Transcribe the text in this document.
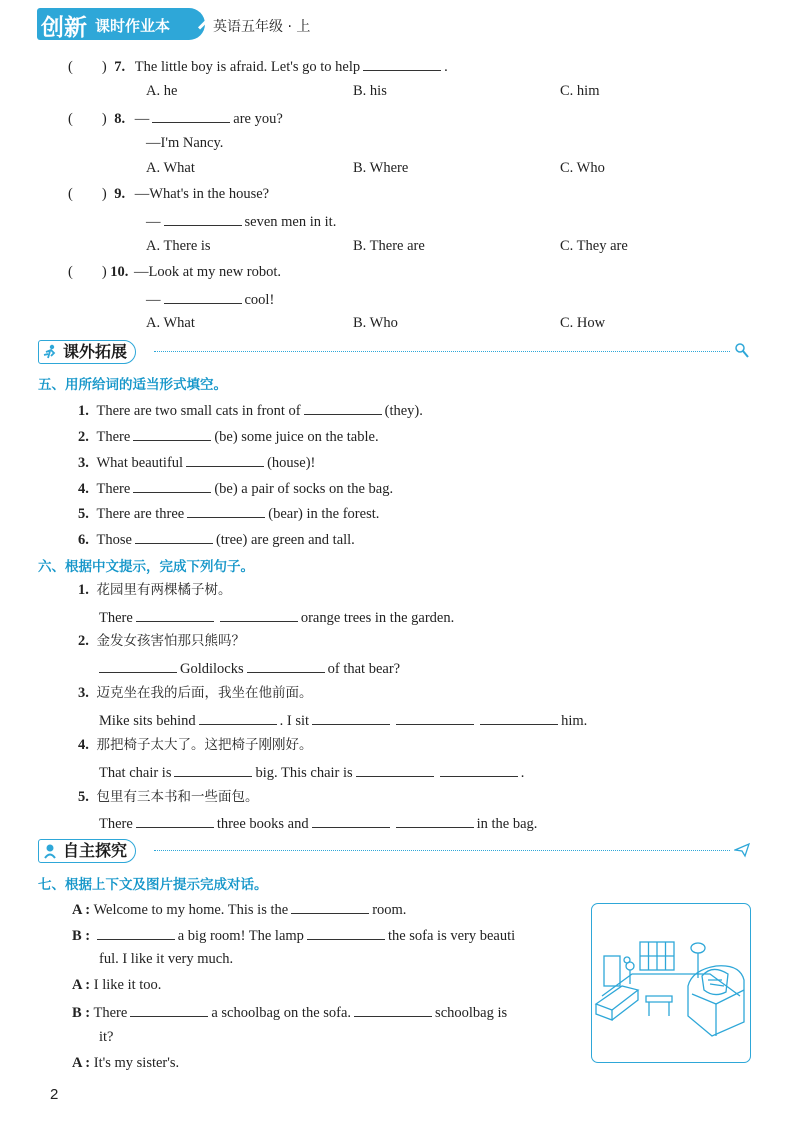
创新 课时作业本	英语五年级 · 上
(　　) 7. The little boy is afraid. Let's go to help	.
A. he	B. his	C. him
(　　) 8. —	are you?
—I'm Nancy.
A. What	B. Where	C. Who
(　　) 9. —What's in the house?
—	seven men in it.
A. There is	B. There are	C. They are
(　　) 10. —Look at my new robot.
—	cool!
A. What	B. Who	C. How
课外拓展
五、用所给词的适当形式填空。
1. There are two small cats in front of	(they).
2. There	(be) some juice on the table.
3. What beautiful	(house)!
4. There	(be) a pair of socks on the bag.
5. There are three	(bear) in the forest.
6. Those	(tree) are green and tall.
六、根据中文提示，完成下列句子。
1. 花园里有两棵橘子树。
There	orange trees in the garden.
2. 金发女孩害怕那只熊吗？
Goldilocks	of that bear?
3. 迈克坐在我的后面，我坐在他前面。
Mike sits behind	. I sit	him.
4. 那把椅子太大了。这把椅子刚刚好。
That chair is	big. This chair is	.
5. 包里有三本书和一些面包。
There	three books and	in the bag.
自主探究
七、根据上下文及图片提示完成对话。
A : Welcome to my home. This is the	room.
B :	a big room! The lamp	the sofa is very beauti
ful. I like it very much.
A : I like it too.
B : There	a schoolbag on the sofa.	schoolbag is
it?
A : It's my sister's.
2
